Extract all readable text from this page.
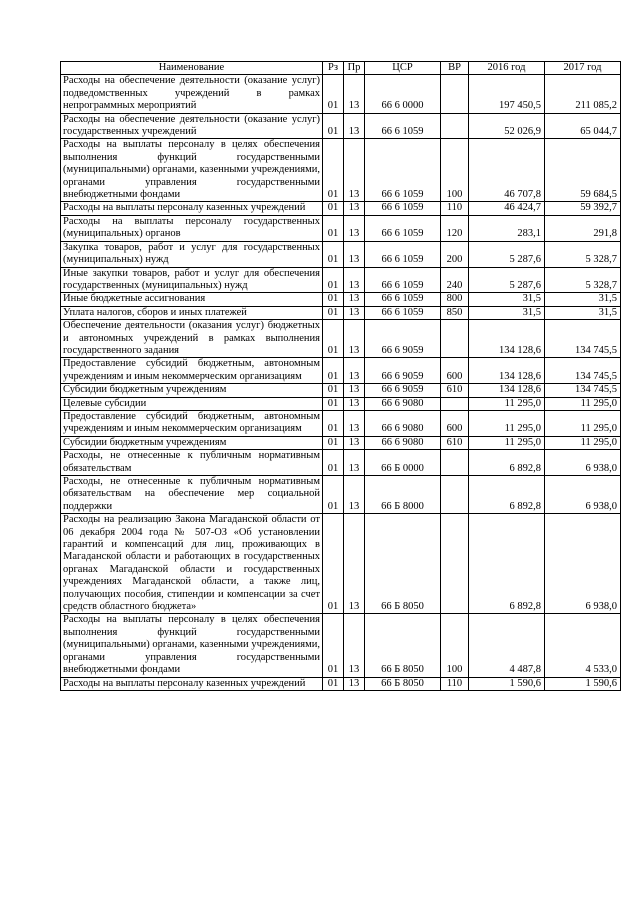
Наименование	Рз	Пр	ЦСР	ВР	2016 год	2017 год
Расходы на обеспечение деятельности (оказание услуг) подведомственных учреждений в рамках непрограммных мероприятий	01	13	66 6 0000		197 450,5	211 085,2
Расходы на обеспечение деятельности (оказание услуг) государственных учреждений	01	13	66 6 1059		52 026,9	65 044,7
Расходы на выплаты персоналу в целях обеспечения выполнения функций государственными (муниципальными) органами, казенными учреждениями, органами управления государственными внебюджетными фондами	01	13	66 6 1059	100	46 707,8	59 684,5
Расходы на выплаты персоналу казенных учреждений	01	13	66 6 1059	110	46 424,7	59 392,7
Расходы на выплаты персоналу государственных (муниципальных) органов	01	13	66 6 1059	120	283,1	291,8
Закупка товаров, работ и услуг для государственных (муниципальных) нужд	01	13	66 6 1059	200	5 287,6	5 328,7
Иные закупки товаров, работ и услуг для обеспечения государственных (муниципальных) нужд	01	13	66 6 1059	240	5 287,6	5 328,7
Иные бюджетные ассигнования	01	13	66 6 1059	800	31,5	31,5
Уплата налогов, сборов и иных платежей	01	13	66 6 1059	850	31,5	31,5
Обеспечение деятельности (оказания услуг) бюджетных и автономных учреждений в рамках выполнения государственного задания	01	13	66 6 9059		134 128,6	134 745,5
Предоставление субсидий бюджетным, автономным учреждениям и иным некоммерческим организациям	01	13	66 6 9059	600	134 128,6	134 745,5
Субсидии бюджетным учреждениям	01	13	66 6 9059	610	134 128,6	134 745,5
Целевые субсидии	01	13	66 6 9080		11 295,0	11 295,0
Предоставление субсидий бюджетным, автономным учреждениям и иным некоммерческим организациям	01	13	66 6 9080	600	11 295,0	11 295,0
Субсидии бюджетным учреждениям	01	13	66 6 9080	610	11 295,0	11 295,0
Расходы, не отнесенные к публичным нормативным обязательствам	01	13	66 Б 0000		6 892,8	6 938,0
Расходы, не отнесенные к публичным нормативным обязательствам на обеспечение мер социальной поддержки	01	13	66 Б 8000		6 892,8	6 938,0
Расходы на реализацию Закона Магаданской области от 06 декабря 2004 года № 507-ОЗ «Об установлении гарантий и компенсаций для лиц, проживающих в Магаданской области и работающих в государственных органах Магаданской области и государственных учреждениях Магаданской области, а также лиц, получающих пособия, стипендии и компенсации за счет средств областного бюджета»	01	13	66 Б 8050		6 892,8	6 938,0
Расходы на выплаты персоналу в целях обеспечения выполнения функций государственными (муниципальными) органами, казенными учреждениями, органами управления государственными внебюджетными фондами	01	13	66 Б 8050	100	4 487,8	4 533,0
Расходы на выплаты персоналу казенных учреждений	01	13	66 Б 8050	110	1 590,6	1 590,6
